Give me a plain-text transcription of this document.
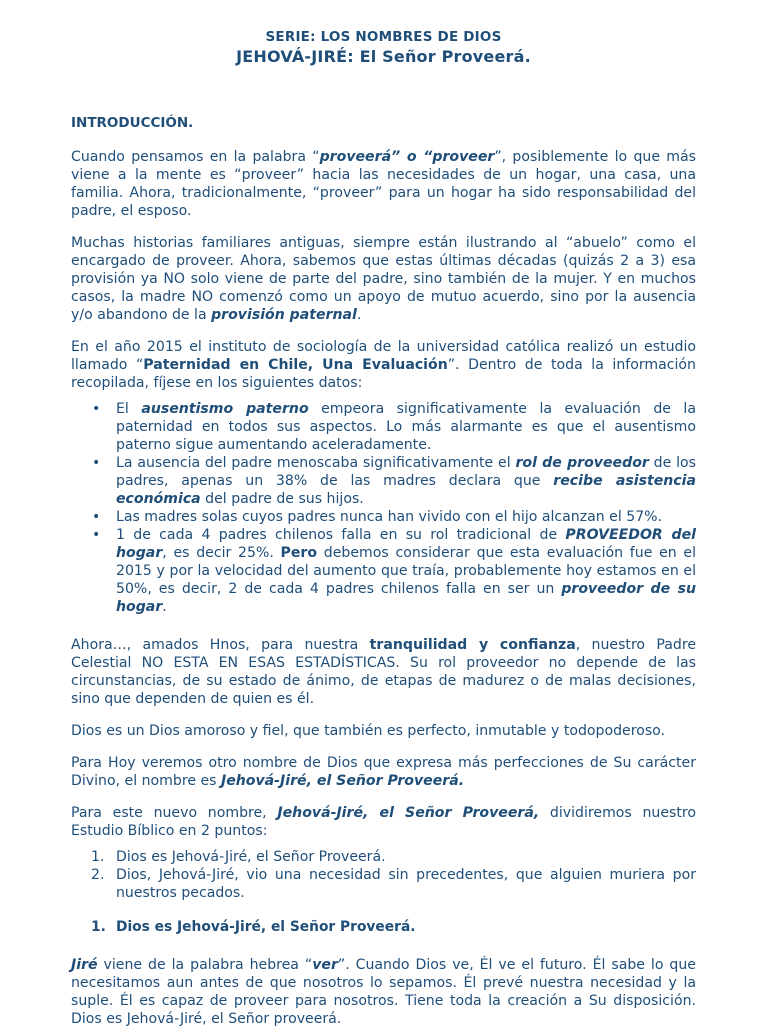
SERIE: LOS NOMBRES DE DIOS

JEHOVÁ-JIRÉ: El Señor Proveerá.

INTRODUCCIÓN.

Cuando pensamos en la palabra “proveerá” o “proveer”, posiblemente lo que más viene a la mente es “proveer” hacia las necesidades de un hogar, una casa, una familia. Ahora, tradicionalmente, “proveer” para un hogar ha sido responsabilidad del padre, el esposo.

Muchas historias familiares antiguas, siempre están ilustrando al “abuelo” como el encargado de proveer. Ahora, sabemos que estas últimas décadas (quizás 2 a 3) esa provisión ya NO solo viene de parte del padre, sino también de la mujer. Y en muchos casos, la madre NO comenzó como un apoyo de mutuo acuerdo, sino por la ausencia y/o abandono de la provisión paternal.

En el año 2015 el instituto de sociología de la universidad católica realizó un estudio llamado “Paternidad en Chile, Una Evaluación”. Dentro de toda la información recopilada, fíjese en los siguientes datos:

• El ausentismo paterno empeora significativamente la evaluación de la paternidad en todos sus aspectos. Lo más alarmante es que el ausentismo paterno sigue aumentando aceleradamente.
• La ausencia del padre menoscaba significativamente el rol de proveedor de los padres, apenas un 38% de las madres declara que recibe asistencia económica del padre de sus hijos.
• Las madres solas cuyos padres nunca han vivido con el hijo alcanzan el 57%.
• 1 de cada 4 padres chilenos falla en su rol tradicional de PROVEEDOR del hogar, es decir 25%. Pero debemos considerar que esta evaluación fue en el 2015 y por la velocidad del aumento que traía, probablemente hoy estamos en el 50%, es decir, 2 de cada 4 padres chilenos falla en ser un proveedor de su hogar.

Ahora…, amados Hnos, para nuestra tranquilidad y confianza, nuestro Padre Celestial NO ESTA EN ESAS ESTADÍSTICAS. Su rol proveedor no depende de las circunstancias, de su estado de ánimo, de etapas de madurez o de malas decisiones, sino que dependen de quien es él.

Dios es un Dios amoroso y fiel, que también es perfecto, inmutable y todopoderoso.

Para Hoy veremos otro nombre de Dios que expresa más perfecciones de Su carácter Divino, el nombre es Jehová-Jiré, el Señor Proveerá.

Para este nuevo nombre, Jehová-Jiré, el Señor Proveerá, dividiremos nuestro Estudio Bíblico en 2 puntos:

1. Dios es Jehová-Jiré, el Señor Proveerá.
2. Dios, Jehová-Jiré, vio una necesidad sin precedentes, que alguien muriera por nuestros pecados.

1. Dios es Jehová-Jiré, el Señor Proveerá.

Jiré viene de la palabra hebrea “ver”. Cuando Dios ve, Él ve el futuro. Él sabe lo que necesitamos aun antes de que nosotros lo sepamos. Él prevé nuestra necesidad y la suple. Él es capaz de proveer para nosotros. Tiene toda la creación a Su disposición. Dios es Jehová-Jiré, el Señor proveerá.
